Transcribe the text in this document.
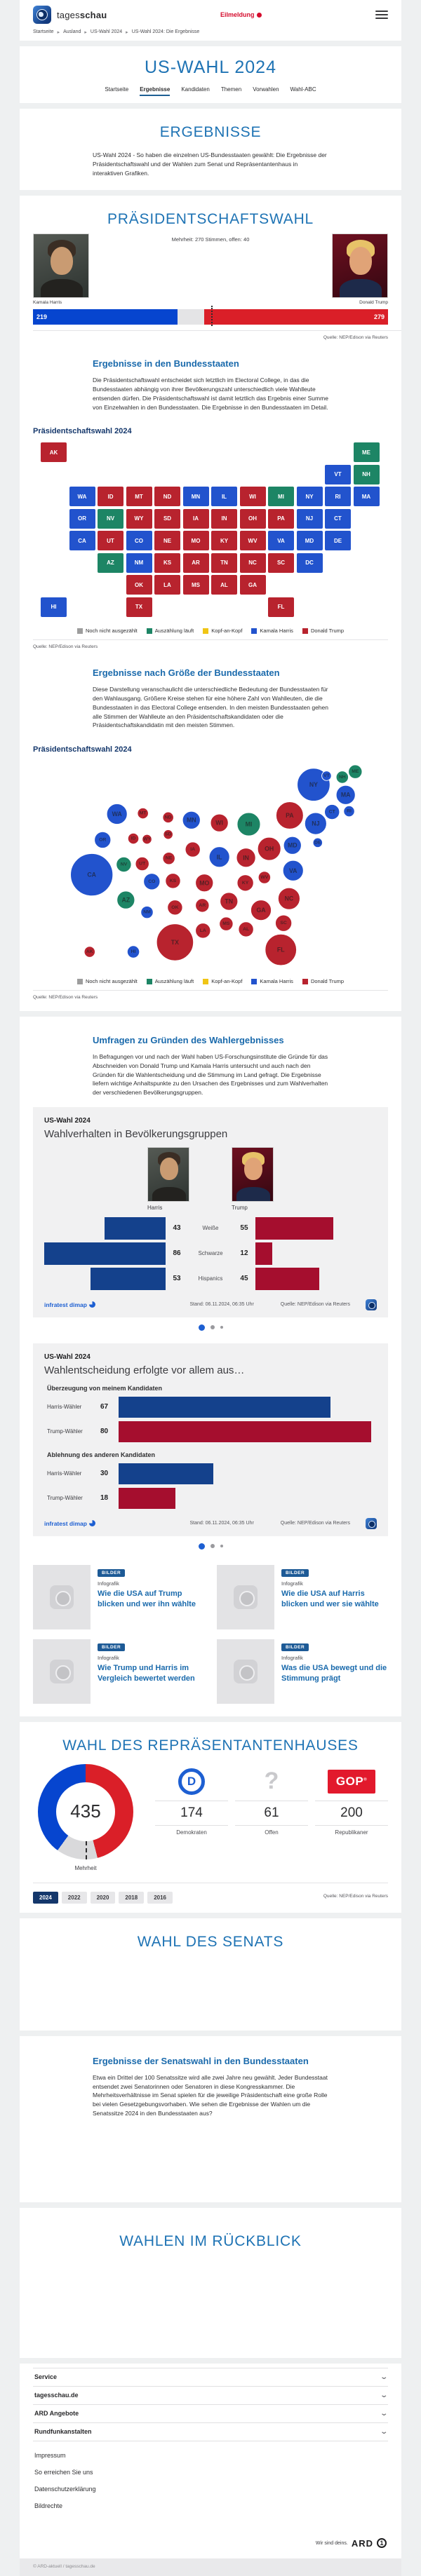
tagesschau	Eilmeldung
Startseite ▸ Ausland ▸ US-Wahl 2024 ▸ US-Wahl 2024: Die Ergebnisse
US-WAHL 2024
Startseite Ergebnisse Kandidaten Themen Vorwahlen Wahl-ABC
ERGEBNISSE

US-Wahl 2024 - So haben die einzelnen US-Bundesstaaten gewählt: Die Ergebnisse der Präsidentschaftswahl und der Wahlen zum Senat und Repräsentantenhaus in interaktiven Grafiken.

PRÄSIDENTSCHAFTSWAHL
Mehrheit: 270 Stimmen, offen: 40
Kamala Harris	Donald Trump
219	279
Quelle: NEP/Edison via Reuters
Ergebnisse in den Bundesstaaten

Die Präsidentschaftswahl entscheidet sich letztlich im Electoral College, in das die Bundesstaaten abhängig von ihrer Bevölkerungszahl unterschiedlich viele Wahlleute entsenden dürfen. Die Präsidentschaftswahl ist damit letztlich das Ergebnis einer Summe von Einzelwahlen in den Bundesstaaten. Die Ergebnisse in den Bundesstaaten im Detail.

Präsidentschaftswahl 2024
AK	ME
VT	NH
WA	ID	MT	ND	MN	IL	WI	MI	NY	RI	MA
OR	NV	WY	SD	IA	IN	OH	PA	NJ	CT
CA	UT	CO	NE	MO	KY	WV	VA	MD	DE
AZ	NM	KS	AR	TN	NC	SC	DC
OK	LA	MS	AL	GA
HI	TX	FL
Noch nicht ausgezählt	Auszählung läuft	Kopf-an-Kopf	Kamala Harris	Donald Trump
Quelle: NEP/Edison via Reuters
Ergebnisse nach Größe der Bundesstaaten

Diese Darstellung veranschaulicht die unterschiedliche Bedeutung der Bundesstaaten für den Wahlausgang. Größere Kreise stehen für eine höhere Zahl von Wahlleuten, die die Bundesstaaten in das Electoral College entsenden. In den meisten Bundesstaaten gehen alle Stimmen der Wahlleute an den Präsidentschaftskandidaten oder die Präsidentschaftskandidatin mit den meisten Stimmen.

Präsidentschaftswahl 2024
CA
TX
NY
FL
PA
MI
OH
NJ
NC
WA
IL
VA
GA
MA
IN
MN	WI
MO
MD
AZ	TN
OR
CO	KY
SC
NV
IA
CT
KS
OK
LA	AL
ME
UT
AR
MS
NH
NE
WV
NM
HI
AK
ID
MT
ND
RI
VT
WY
SD
DE
Noch nicht ausgezählt	Auszählung läuft	Kopf-an-Kopf	Kamala Harris	Donald Trump
Quelle: NEP/Edison via Reuters
Umfragen zu Gründen des Wahlergebnisses

In Befragungen vor und nach der Wahl haben US-Forschungsinstitute die Gründe für das Abschneiden von Donald Trump und Kamala Harris untersucht und auch nach den Gründen für die Wahlentscheidung und die Stimmung im Land gefragt. Die Ergebnisse liefern wichtige Anhaltspunkte zu den Ursachen des Ergebnisses und zum Wahlverhalten der verschiedenen Bevölkerungsgruppen.

US-Wahl 2024
Wahlverhalten in Bevölkerungsgruppen
Harris	Trump
43	Weiße	55
86	Schwarze	12
53	Hispanics	45
infratest dimap	Stand: 06.11.2024, 06:35 Uhr	Quelle: NEP/Edison via Reuters
US-Wahl 2024
Wahlentscheidung erfolgte vor allem aus…
Überzeugung von meinem Kandidaten
Harris-Wähler	67
Trump-Wähler	80
Ablehnung des anderen Kandidaten
Harris-Wähler	30
Trump-Wähler	18
infratest dimap	Stand: 06.11.2024, 06:35 Uhr	Quelle: NEP/Edison via Reuters
BILDER
Infografik
Wie die USA auf Trump blicken und wer ihn wählte
BILDER
Infografik
Wie die USA auf Harris blicken und wer sie wählte
BILDER
Infografik
Wie Trump und Harris im Vergleich bewertet werden
BILDER
Infografik
Was die USA bewegt und die Stimmung prägt
WAHL DES REPRÄSENTANTENHAUSES
435
Mehrheit
D
174
Demokraten
?
61
Offen
GOP®
200
Republikaner
2024	2022	2020	2018	2016	Quelle: NEP/Edison via Reuters
WAHL DES SENATS
Ergebnisse der Senatswahl in den Bundesstaaten

Etwa ein Drittel der 100 Senatssitze wird alle zwei Jahre neu gewählt. Jeder Bundesstaat entsendet zwei Senatorinnen oder Senatoren in diese Kongresskammer. Die Mehrheitsverhältnisse im Senat spielen für die jeweilige Präsidentschaft eine große Rolle bei vielen Gesetzgebungsvorhaben. Wie sehen die Ergebnisse der Wahlen um die Senatssitze 2024 in den Bundesstaaten aus?

WAHLEN IM RÜCKBLICK
Service	⌄
tagesschau.de	⌄
ARD Angebote	⌄
Rundfunkanstalten	⌄
Impressum
So erreichen Sie uns
Datenschutzerklärung
Bildrechte
Wir sind deins. ARD	1
© ARD-aktuell / tagesschau.de
